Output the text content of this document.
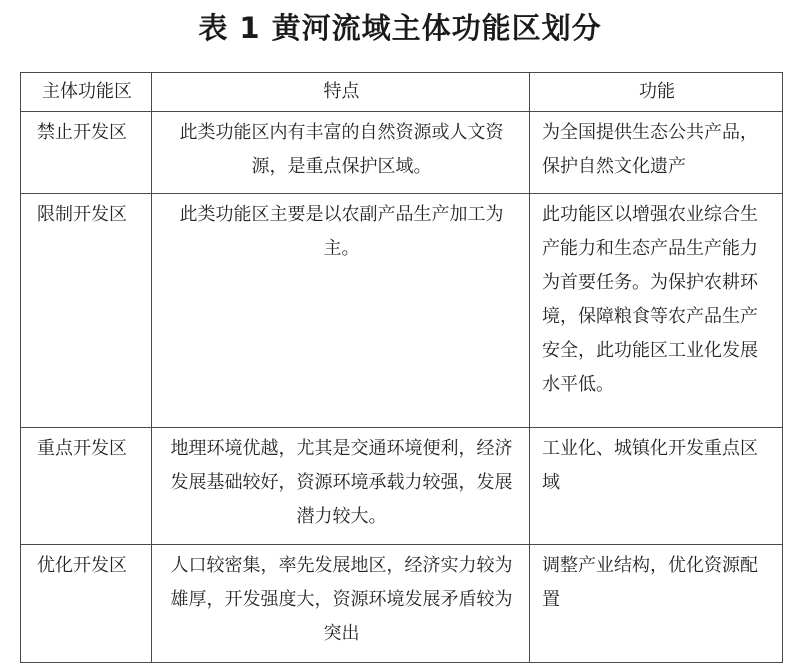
表 1 黄河流域主体功能区划分
主体功能区	特点	功能
禁止开发区	此类功能区内有丰富的自然资源或人文资源，是重点保护区域。	为全国提供生态公共产品，保护自然文化遗产
限制开发区	此类功能区主要是以农副产品生产加工为主。	此功能区以增强农业综合生产能力和生态产品生产能力为首要任务。为保护农耕环境，保障粮食等农产品生产安全，此功能区工业化发展水平低。
重点开发区	地理环境优越，尤其是交通环境便利，经济发展基础较好，资源环境承载力较强，发展潜力较大。	工业化、城镇化开发重点区域
优化开发区	人口较密集，率先发展地区，经济实力较为雄厚，开发强度大，资源环境发展矛盾较为突出	调整产业结构，优化资源配置
